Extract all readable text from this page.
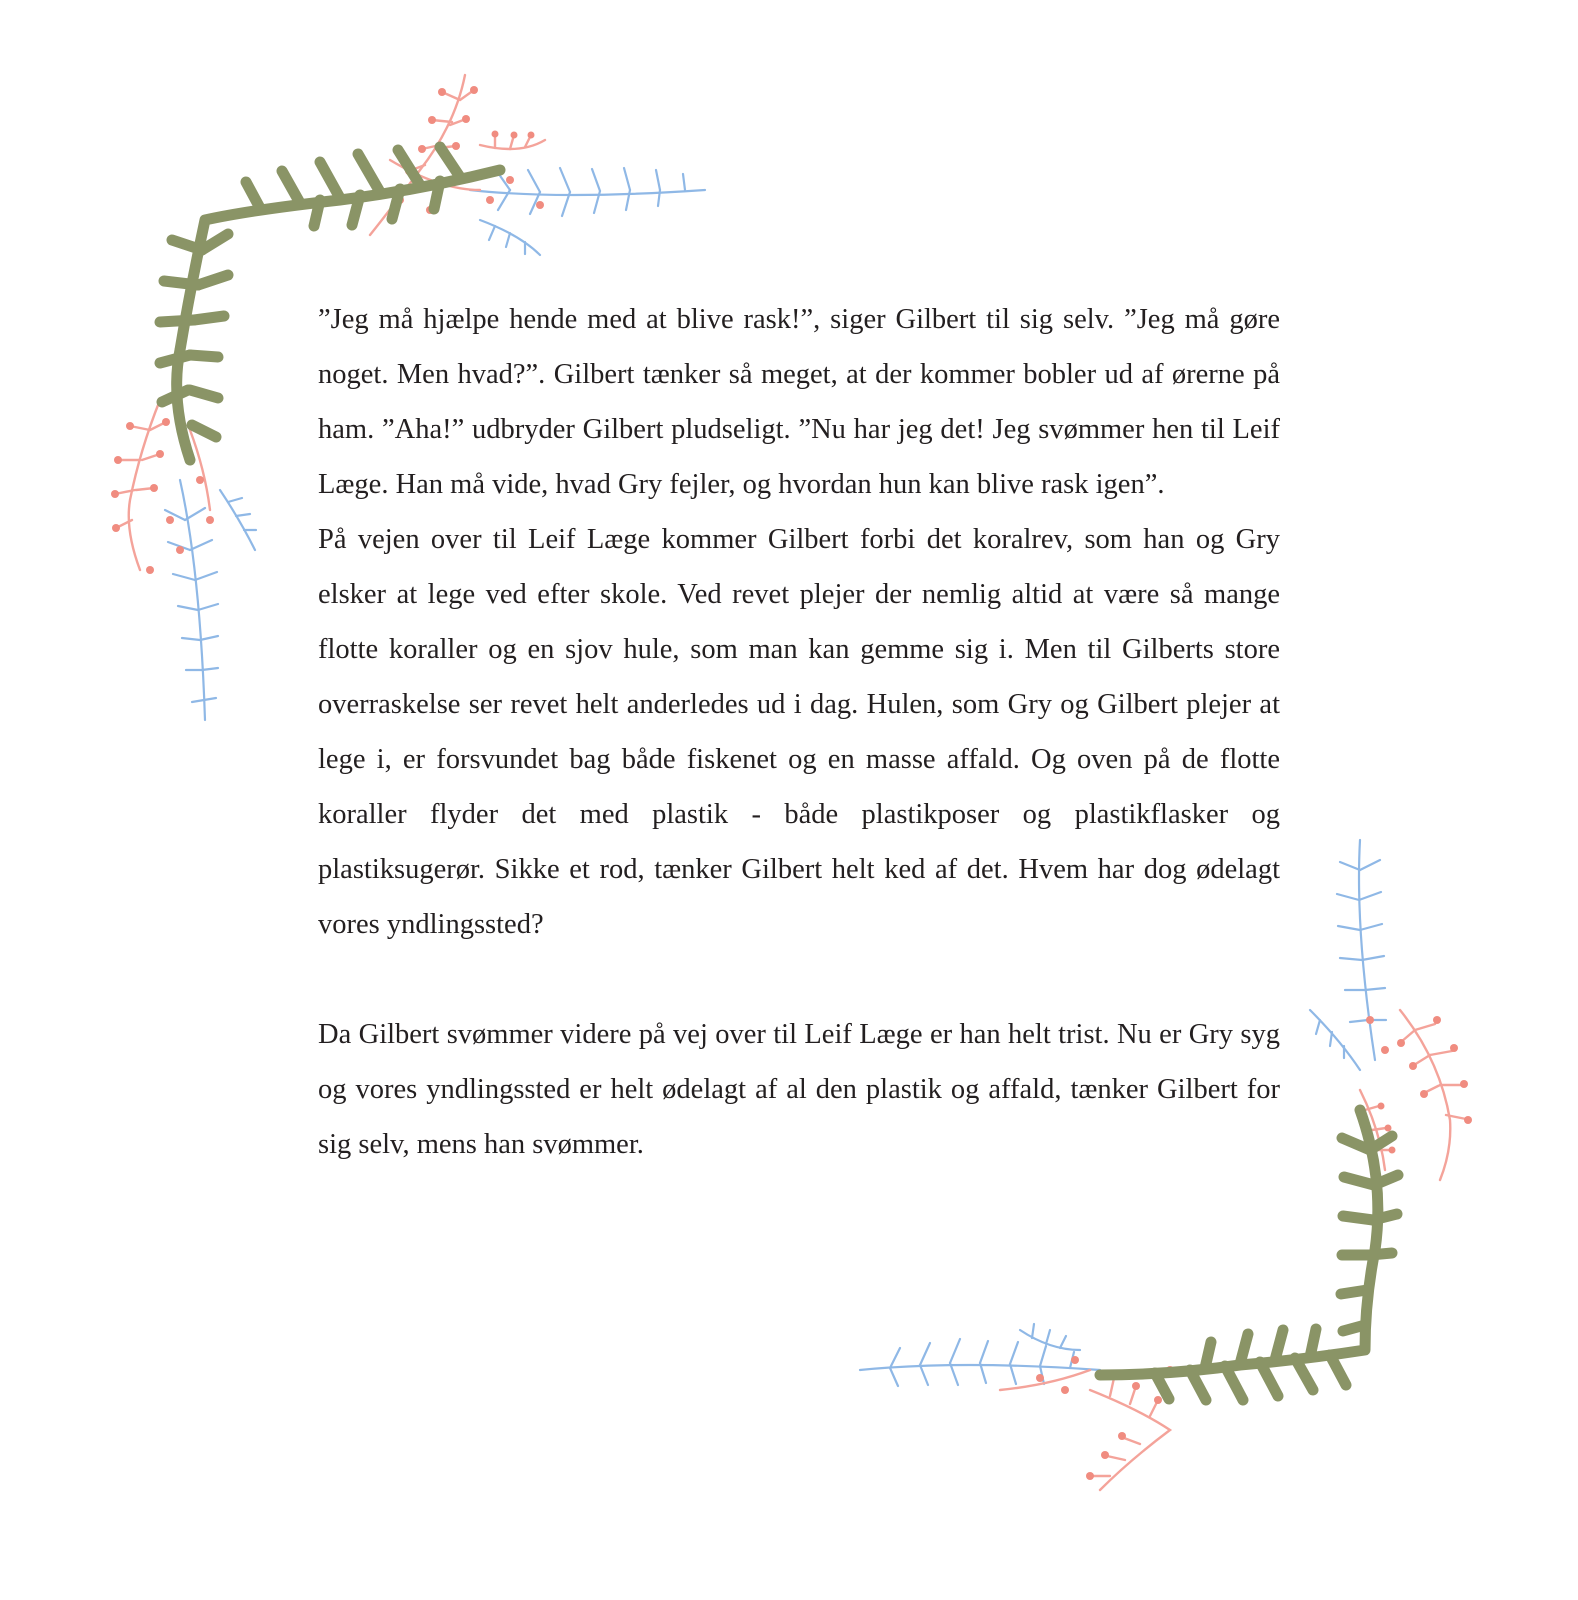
”Jeg må hjælpe hende med at blive rask!”, siger Gilbert til sig selv. ”Jeg må gøre noget. Men hvad?”. Gilbert tænker så meget, at der kommer bobler ud af ørerne på ham. ”Aha!” udbryder Gilbert pludseligt. ”Nu har jeg det! Jeg svømmer hen til Leif Læge. Han må vide, hvad Gry fejler, og hvordan hun kan blive rask igen”.

På vejen over til Leif Læge kommer Gilbert forbi det koralrev, som han og Gry elsker at lege ved efter skole. Ved revet plejer der nemlig altid at være så mange flotte koraller og en sjov hule, som man kan gemme sig i. Men til Gilberts store overraskelse ser revet helt anderledes ud i dag. Hulen, som Gry og Gilbert plejer at lege i, er forsvundet bag både fiskenet og en masse affald. Og oven på de flotte koraller flyder det med plastik - både plastikposer og plastikflasker og plastiksugerør. Sikke et rod, tænker Gilbert helt ked af det. Hvem har dog ødelagt vores yndlingssted?

Da Gilbert svømmer videre på vej over til Leif Læge er han helt trist. Nu er Gry syg og vores yndlingssted er helt ødelagt af al den plastik og affald, tænker Gilbert for sig selv, mens han svømmer.
